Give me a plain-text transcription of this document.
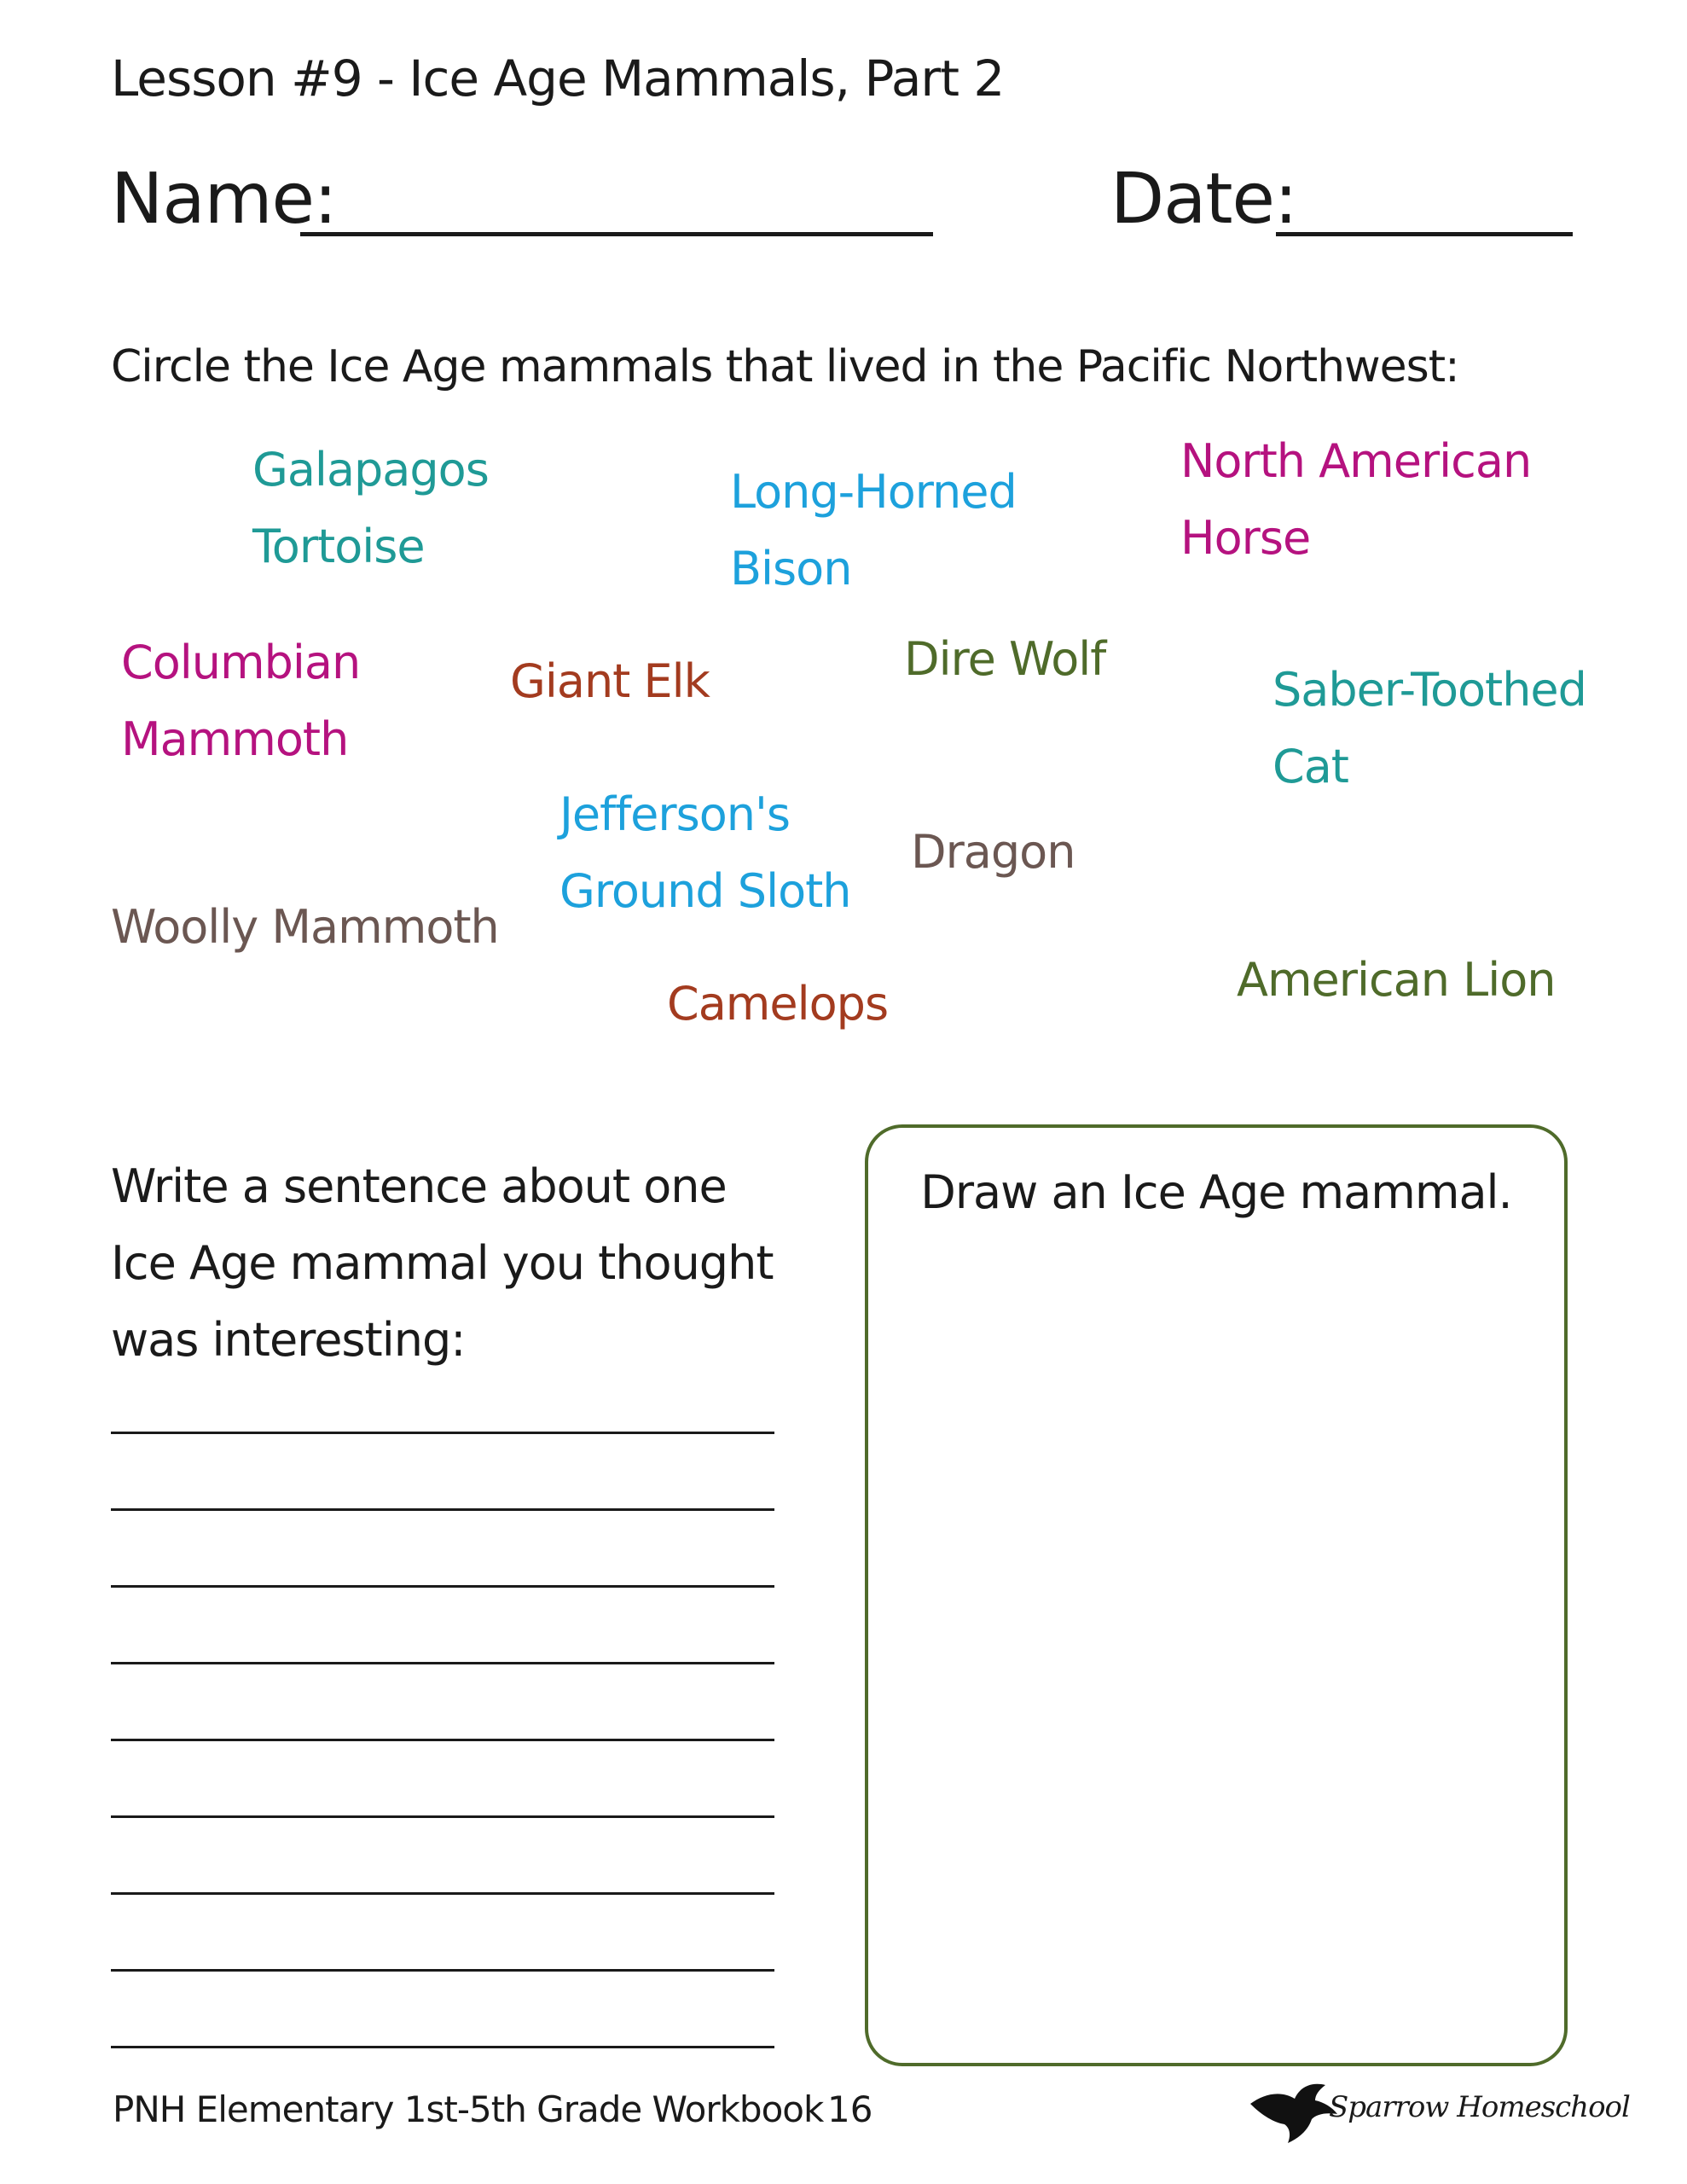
Lesson #9 - Ice Age Mammals, Part 2
Name:	Date:
Circle the Ice Age mammals that lived in the Pacific Northwest:
Galapagos
Tortoise
Long-Horned
Bison
North American
Horse
Columbian
Mammoth
Giant Elk	Dire Wolf
Saber-Toothed
Cat
Jefferson's
Ground Sloth
Dragon
Woolly Mammoth
Camelops	American Lion
Write a sentence about one Ice Age mammal you thought was interesting:
Draw an Ice Age mammal.
PNH Elementary 1st-5th Grade Workbook 16	Sparrow Homeschool
